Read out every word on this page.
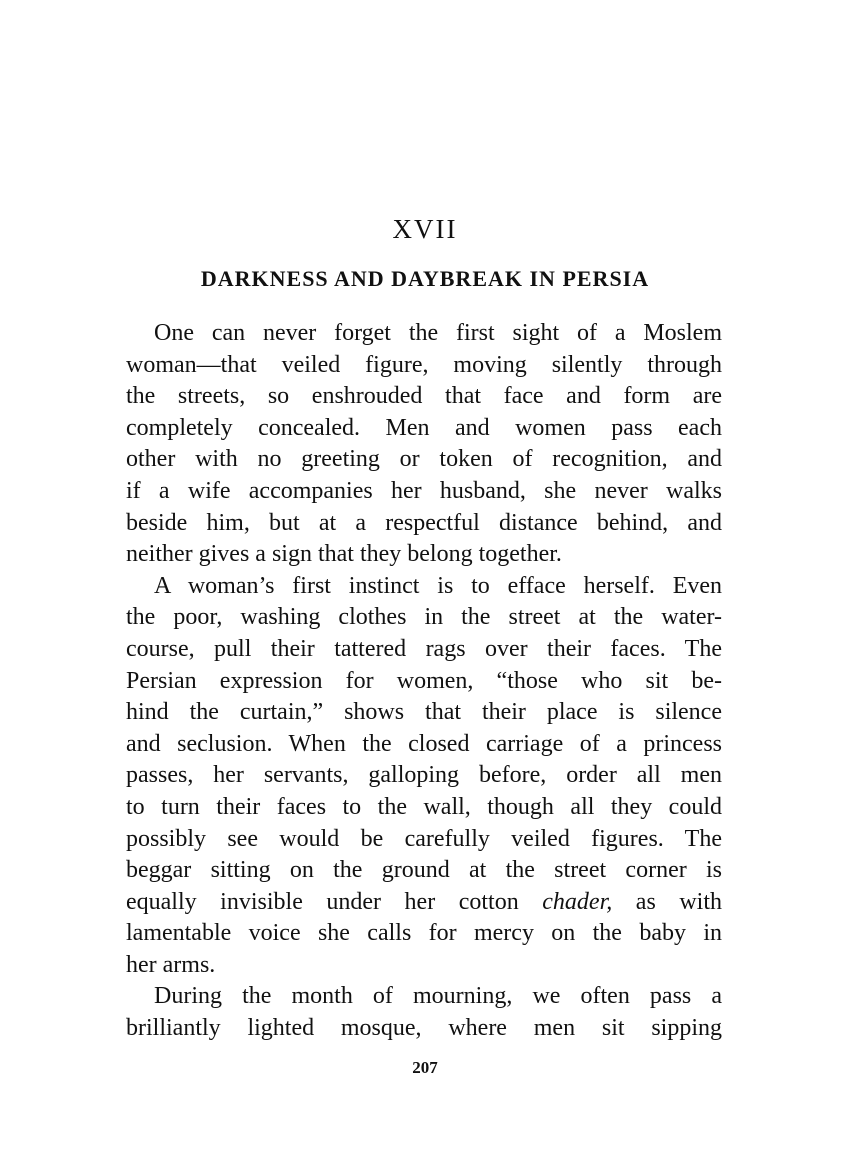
XVII
DARKNESS AND DAYBREAK IN PERSIA
One can never forget the first sight of a Moslem
woman—that veiled figure, moving silently through
the streets, so enshrouded that face and form are
completely concealed. Men and women pass each
other with no greeting or token of recognition, and
if a wife accompanies her husband, she never walks
beside him, but at a respectful distance behind, and
neither gives a sign that they belong together.
A woman’s first instinct is to efface herself. Even
the poor, washing clothes in the street at the water-
course, pull their tattered rags over their faces. The
Persian expression for women, “those who sit be-
hind the curtain,” shows that their place is silence
and seclusion. When the closed carriage of a princess
passes, her servants, galloping before, order all men
to turn their faces to the wall, though all they could
possibly see would be carefully veiled figures. The
beggar sitting on the ground at the street corner is
equally invisible under her cotton chader, as with
lamentable voice she calls for mercy on the baby in
her arms.
During the month of mourning, we often pass a
brilliantly lighted mosque, where men sit sipping
207
